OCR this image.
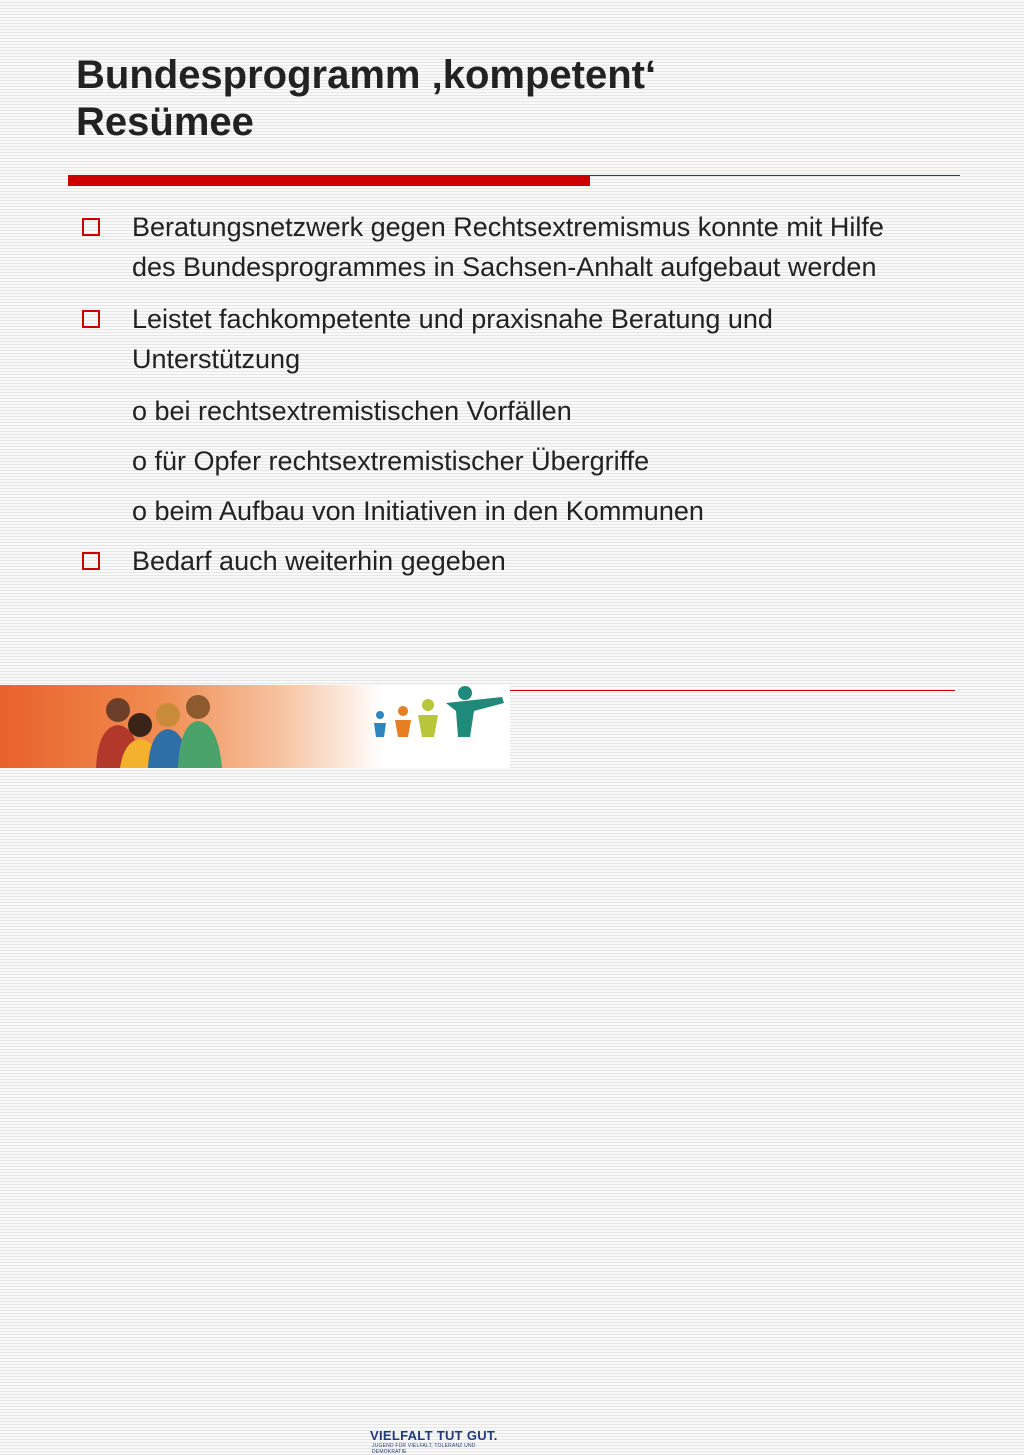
Bundesprogramm ‚kompetent‘
Resümee
Beratungsnetzwerk gegen Rechtsextremismus konnte mit Hilfe des Bundesprogrammes in Sachsen-Anhalt aufgebaut werden
Leistet fachkompetente und praxisnahe Beratung und Unterstützung
o bei rechtsextremistischen Vorfällen
o für Opfer rechtsextremistischer Übergriffe
o beim Aufbau von Initiativen in den Kommunen
Bedarf auch weiterhin gegeben
VIELFALT TUT GUT.
JUGEND FÜR VIELFALT, TOLERANZ UND DEMOKRATIE
